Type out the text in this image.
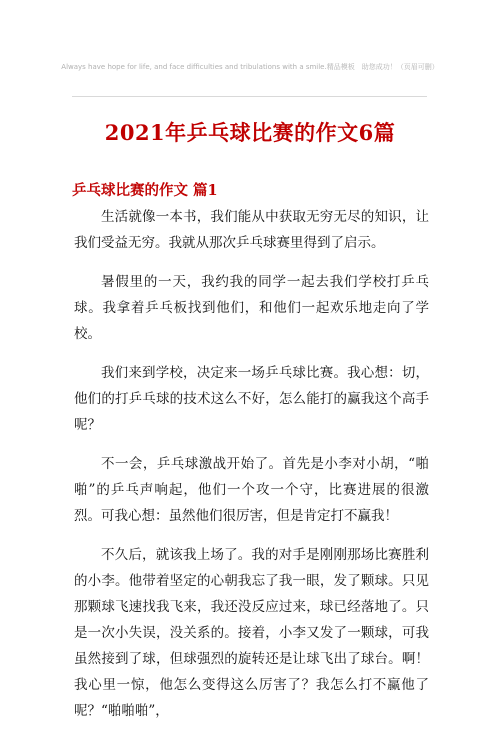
Always have hope for life, and face difficulties and tribulations with a smile.精品模板　助您成功！（页眉可删）
2021年乒乓球比赛的作文6篇
乒乓球比赛的作文 篇1

生活就像一本书，我们能从中获取无穷无尽的知识，让我们受益无穷。我就从那次乒乓球赛里得到了启示。

暑假里的一天，我约我的同学一起去我们学校打乒乓球。我拿着乒乓板找到他们，和他们一起欢乐地走向了学校。

我们来到学校，决定来一场乒乓球比赛。我心想：切，他们的打乒乓球的技术这么不好，怎么能打的赢我这个高手呢？

不一会，乒乓球激战开始了。首先是小李对小胡，“啪啪”的乒乓声响起，他们一个攻一个守，比赛进展的很激烈。可我心想：虽然他们很厉害，但是肯定打不赢我！

不久后，就该我上场了。我的对手是刚刚那场比赛胜利的小李。他带着坚定的心朝我忘了我一眼，发了颗球。只见那颗球飞速找我飞来，我还没反应过来，球已经落地了。只是一次小失误，没关系的。接着，小李又发了一颗球，可我虽然接到了球，但球强烈的旋转还是让球飞出了球台。啊！我心里一惊，他怎么变得这么厉害了？我怎么打不赢他了呢？“啪啪啪”，
